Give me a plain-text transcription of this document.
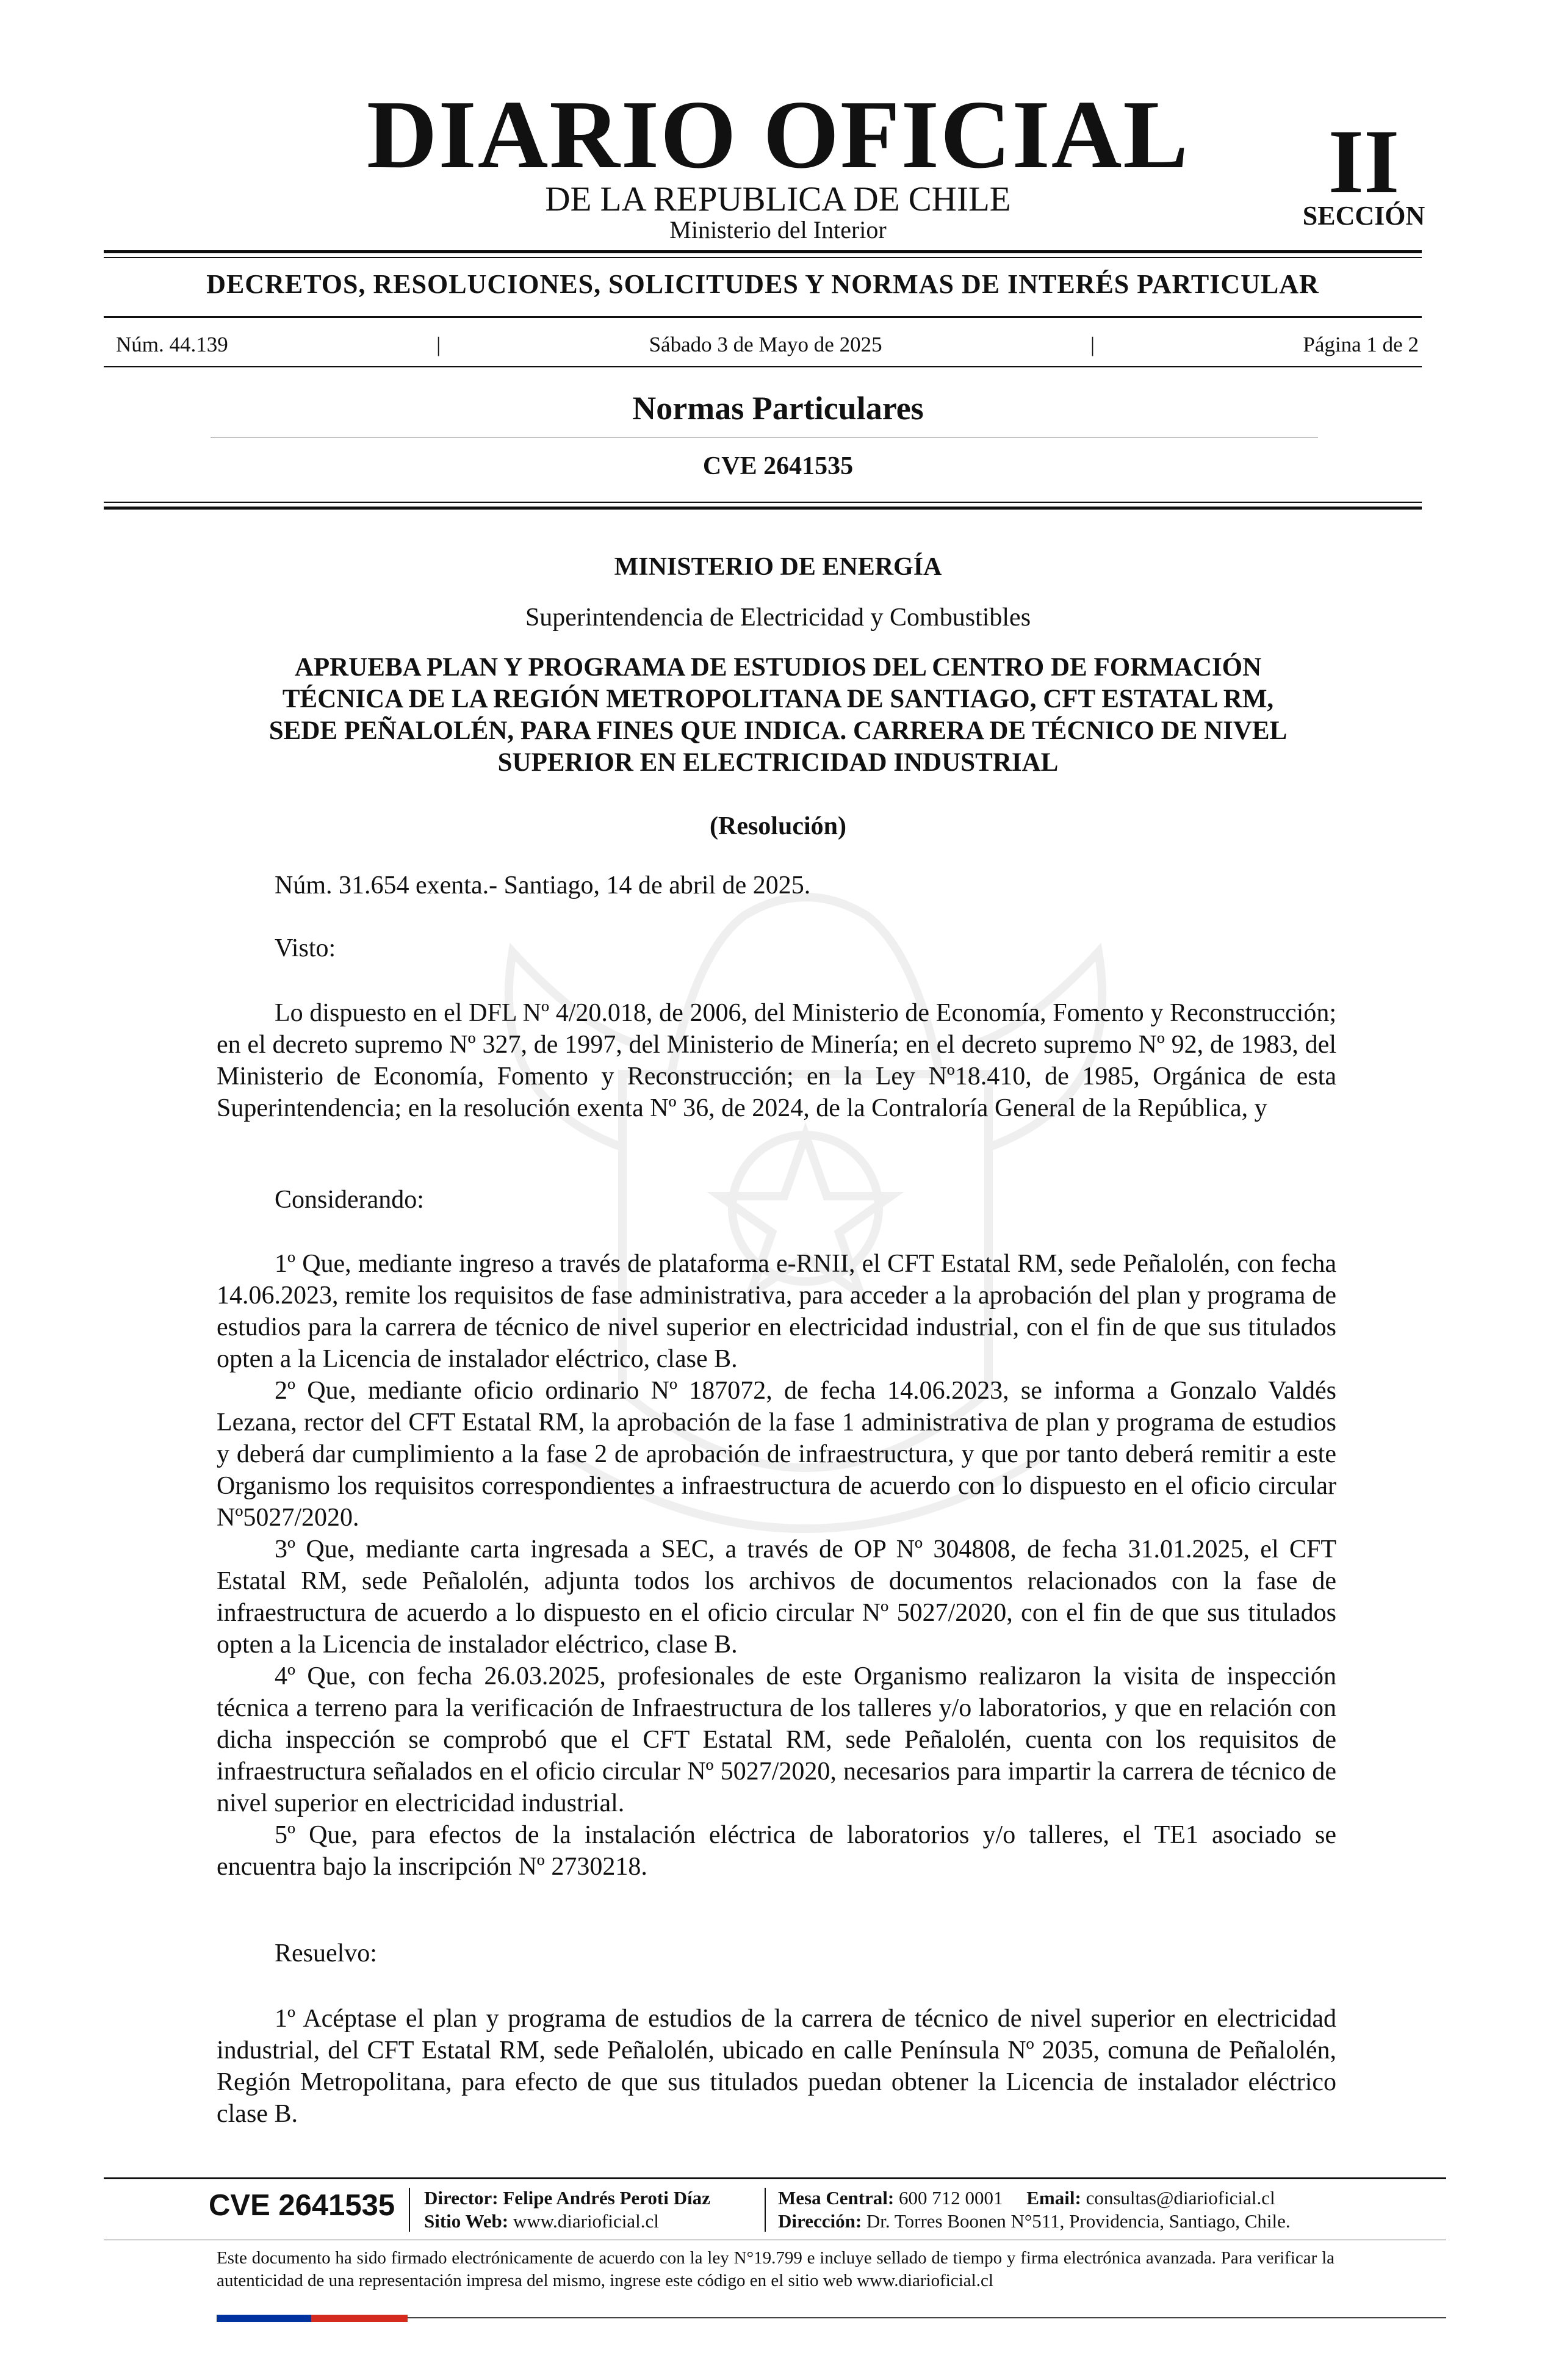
DIARIO OFICIAL
DE LA REPUBLICA DE CHILE
Ministerio del Interior
II
SECCIÓN
DECRETOS, RESOLUCIONES, SOLICITUDES Y NORMAS DE INTERÉS PARTICULAR
Núm. 44.139	|	Sábado 3 de Mayo de 2025	|	Página 1 de 2
Normas Particulares
CVE 2641535
MINISTERIO DE ENERGÍA
Superintendencia de Electricidad y Combustibles
APRUEBA PLAN Y PROGRAMA DE ESTUDIOS DEL CENTRO DE FORMACIÓN
TÉCNICA DE LA REGIÓN METROPOLITANA DE SANTIAGO, CFT ESTATAL RM,
SEDE PEÑALOLÉN, PARA FINES QUE INDICA. CARRERA DE TÉCNICO DE NIVEL
SUPERIOR EN ELECTRICIDAD INDUSTRIAL
(Resolución)
Núm. 31.654 exenta.- Santiago, 14 de abril de 2025.
Visto:

Lo dispuesto en el DFL Nº 4/20.018, de 2006, del Ministerio de Economía, Fomento y Reconstrucción; en el decreto supremo Nº 327, de 1997, del Ministerio de Minería; en el decreto supremo Nº 92, de 1983, del Ministerio de Economía, Fomento y Reconstrucción; en la Ley Nº18.410, de 1985, Orgánica de esta Superintendencia; en la resolución exenta Nº 36, de 2024, de la Contraloría General de la República, y

Considerando:

1º Que, mediante ingreso a través de plataforma e-RNII, el CFT Estatal RM, sede Peñalolén, con fecha 14.06.2023, remite los requisitos de fase administrativa, para acceder a la aprobación del plan y programa de estudios para la carrera de técnico de nivel superior en electricidad industrial, con el fin de que sus titulados opten a la Licencia de instalador eléctrico, clase B.

2º Que, mediante oficio ordinario Nº 187072, de fecha 14.06.2023, se informa a Gonzalo Valdés Lezana, rector del CFT Estatal RM, la aprobación de la fase 1 administrativa de plan y programa de estudios y deberá dar cumplimiento a la fase 2 de aprobación de infraestructura, y que por tanto deberá remitir a este Organismo los requisitos correspondientes a infraestructura de acuerdo con lo dispuesto en el oficio circular Nº5027/2020.

3º Que, mediante carta ingresada a SEC, a través de OP Nº 304808, de fecha 31.01.2025, el CFT Estatal RM, sede Peñalolén, adjunta todos los archivos de documentos relacionados con la fase de infraestructura de acuerdo a lo dispuesto en el oficio circular Nº 5027/2020, con el fin de que sus titulados opten a la Licencia de instalador eléctrico, clase B.

4º Que, con fecha 26.03.2025, profesionales de este Organismo realizaron la visita de inspección técnica a terreno para la verificación de Infraestructura de los talleres y/o laboratorios, y que en relación con dicha inspección se comprobó que el CFT Estatal RM, sede Peñalolén, cuenta con los requisitos de infraestructura señalados en el oficio circular Nº 5027/2020, necesarios para impartir la carrera de técnico de nivel superior en electricidad industrial.

5º Que, para efectos de la instalación eléctrica de laboratorios y/o talleres, el TE1 asociado se encuentra bajo la inscripción Nº 2730218.

Resuelvo:

1º Acéptase el plan y programa de estudios de la carrera de técnico de nivel superior en electricidad industrial, del CFT Estatal RM, sede Peñalolén, ubicado en calle Península Nº 2035, comuna de Peñalolén, Región Metropolitana, para efecto de que sus titulados puedan obtener la Licencia de instalador eléctrico clase B.

CVE 2641535 Director: Felipe Andrés Peroti Díaz
Sitio Web: www.diarioficial.cl
Mesa Central: 600 712 0001 Email: consultas@diarioficial.cl
Dirección: Dr. Torres Boonen N°511, Providencia, Santiago, Chile.
Este documento ha sido firmado electrónicamente de acuerdo con la ley N°19.799 e incluye sellado de tiempo y firma electrónica avanzada. Para verificar la autenticidad de una representación impresa del mismo, ingrese este código en el sitio web www.diarioficial.cl
